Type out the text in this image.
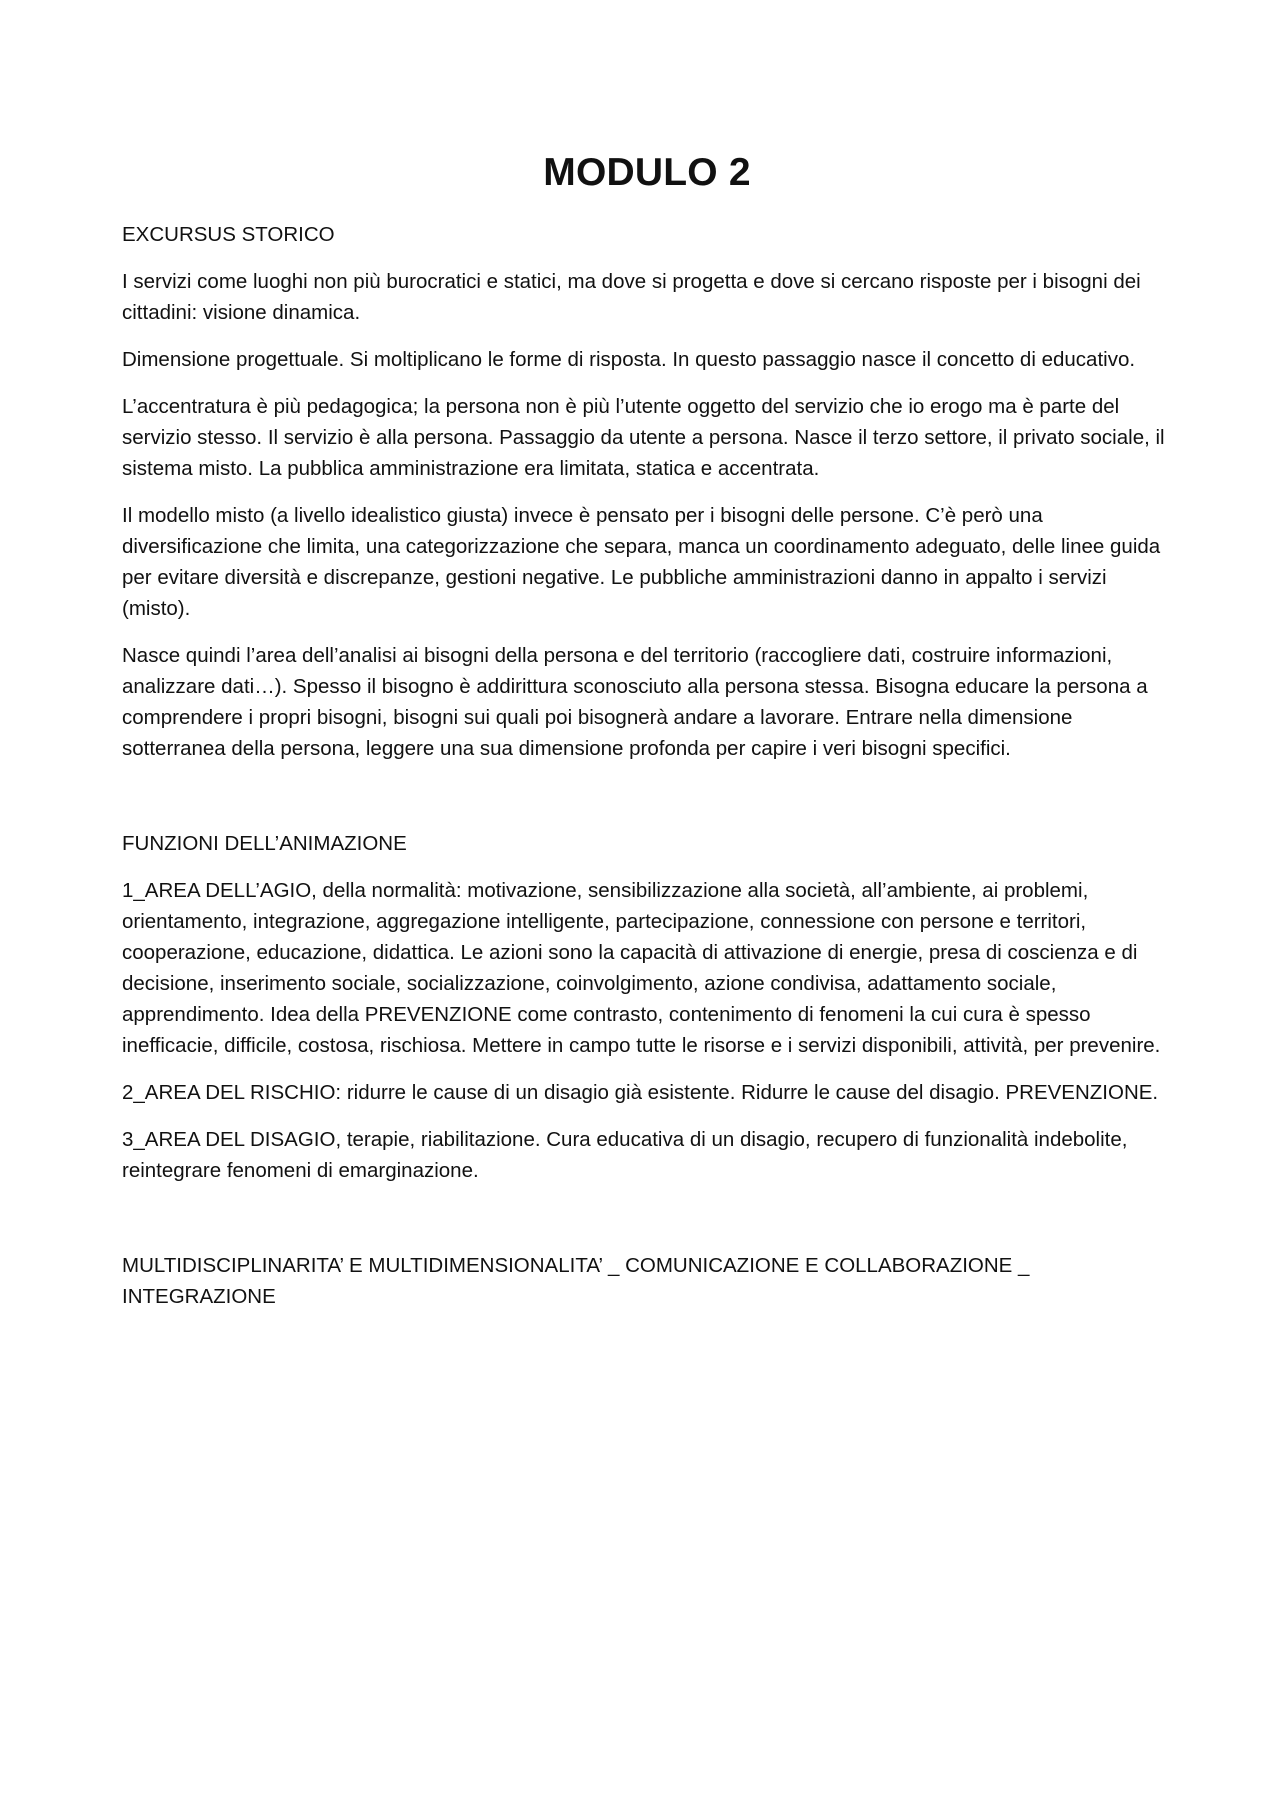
MODULO 2
EXCURSUS STORICO

I servizi come luoghi non più burocratici e statici, ma dove si progetta e dove si cercano risposte per i bisogni dei cittadini: visione dinamica.

Dimensione progettuale. Si moltiplicano le forme di risposta. In questo passaggio nasce il concetto di educativo.

L’accentratura è più pedagogica; la persona non è più l’utente oggetto del servizio che io erogo ma è parte del servizio stesso. Il servizio è alla persona. Passaggio da utente a persona. Nasce il terzo settore, il privato sociale, il sistema misto. La pubblica amministrazione era limitata, statica e accentrata.

Il modello misto (a livello idealistico giusta) invece è pensato per i bisogni delle persone. C’è però una diversificazione che limita, una categorizzazione che separa, manca un coordinamento adeguato, delle linee guida per evitare diversità e discrepanze, gestioni negative. Le pubbliche amministrazioni danno in appalto i servizi (misto).

Nasce quindi l’area dell’analisi ai bisogni della persona e del territorio (raccogliere dati, costruire informazioni, analizzare dati…). Spesso il bisogno è addirittura sconosciuto alla persona stessa. Bisogna educare la persona a comprendere i propri bisogni, bisogni sui quali poi bisognerà andare a lavorare. Entrare nella dimensione sotterranea della persona, leggere una sua dimensione profonda per capire i veri bisogni specifici.

FUNZIONI DELL’ANIMAZIONE

1_AREA DELL’AGIO, della normalità: motivazione, sensibilizzazione alla società, all’ambiente, ai problemi, orientamento, integrazione, aggregazione intelligente, partecipazione, connessione con persone e territori, cooperazione, educazione, didattica. Le azioni sono la capacità di attivazione di energie, presa di coscienza e di decisione, inserimento sociale, socializzazione, coinvolgimento, azione condivisa, adattamento sociale, apprendimento. Idea della PREVENZIONE come contrasto, contenimento di fenomeni la cui cura è spesso inefficacie, difficile, costosa, rischiosa. Mettere in campo tutte le risorse e i servizi disponibili, attività, per prevenire.

2_AREA DEL RISCHIO: ridurre le cause di un disagio già esistente. Ridurre le cause del disagio. PREVENZIONE.

3_AREA DEL DISAGIO, terapie, riabilitazione. Cura educativa di un disagio, recupero di funzionalità indebolite, reintegrare fenomeni di emarginazione.

MULTIDISCIPLINARITA’ E MULTIDIMENSIONALITA’ _ COMUNICAZIONE E COLLABORAZIONE _ INTEGRAZIONE
